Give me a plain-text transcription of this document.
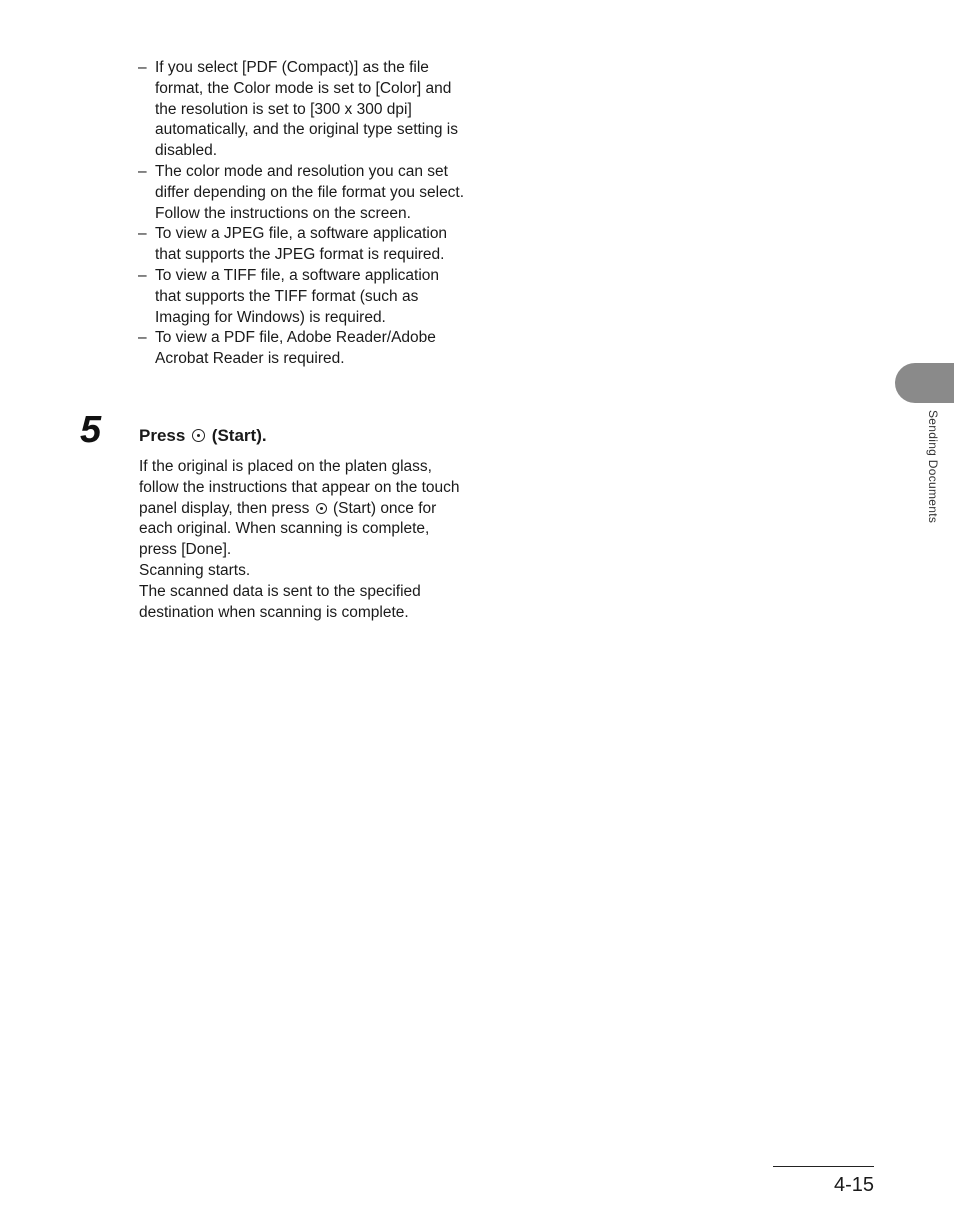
– If you select [PDF (Compact)] as the file format, the Color mode is set to [Color] and the resolution is set to [300 x 300 dpi] automatically, and the original type setting is disabled.
– The color mode and resolution you can set differ depending on the file format you select. Follow the instructions on the screen.
– To view a JPEG file, a software application that supports the JPEG format is required.
– To view a TIFF file, a software application that supports the TIFF format (such as Imaging for Windows) is required.
– To view a PDF file, Adobe Reader/Adobe Acrobat Reader is required.
5 Press (Start).

If the original is placed on the platen glass, follow the instructions that appear on the touch panel display, then press (Start) once for each original. When scanning is complete, press [Done].

Scanning starts.

The scanned data is sent to the specified destination when scanning is complete.

Sending Documents
4-15
